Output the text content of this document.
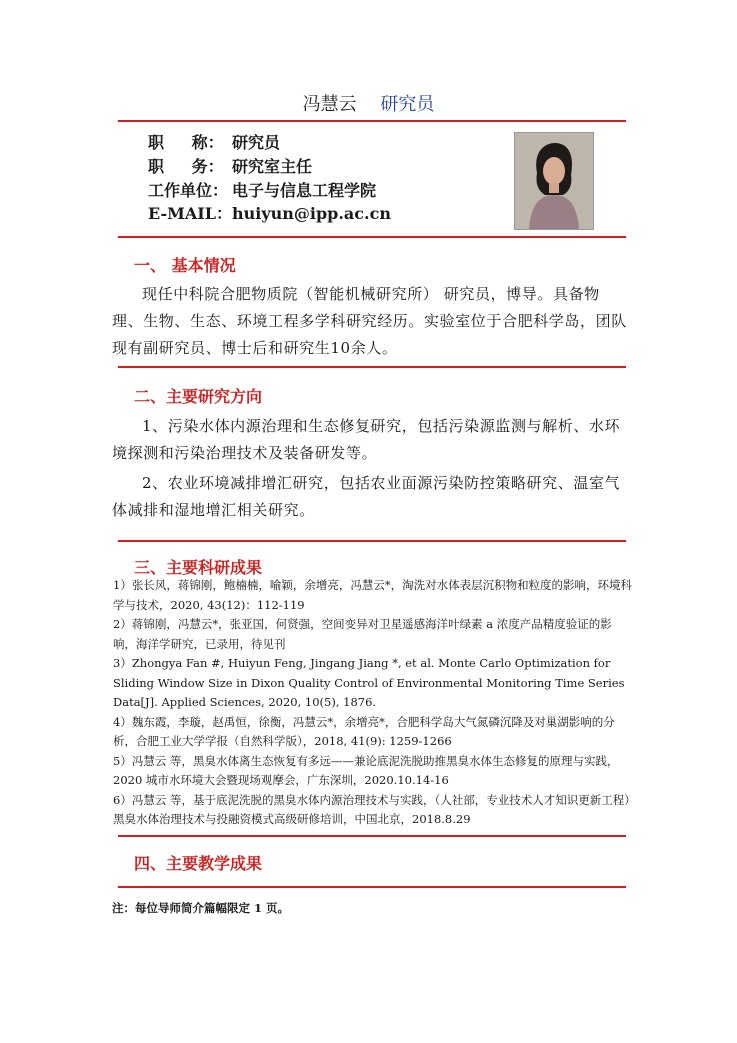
冯慧云 研究员
职 称： 研究员
职 务： 研究室主任
工作单位： 电子与信息工程学院
E-MAIL：huiyun@ipp.ac.cn
一、 基本情况
现任中科院合肥物质院（智能机械研究所） 研究员，博导。具备物理、生物、生态、环境工程多学科研究经历。实验室位于合肥科学岛，团队现有副研究员、博士后和研究生10余人。
二、主要研究方向
1、污染水体内源治理和生态修复研究，包括污染源监测与解析、水环境探测和污染治理技术及装备研发等。
2、农业环境减排增汇研究，包括农业面源污染防控策略研究、温室气体减排和湿地增汇相关研究。
三、主要科研成果
1）张长风，蒋锦刚，鲍楠楠，喻颖，余增亮，冯慧云*，淘洗对水体表层沉积物和粒度的影响，环境科学与技术，2020, 43(12)：112-119
2）蒋锦刚，冯慧云*，张亚国，何贤强，空间变异对卫星遥感海洋叶绿素 a 浓度产品精度验证的影响，海洋学研究，已录用，待见刊
3）Zhongya Fan #, Huiyun Feng, Jingang Jiang *, et al. Monte Carlo Optimization for Sliding Window Size in Dixon Quality Control of Environmental Monitoring Time Series Data[J]. Applied Sciences, 2020, 10(5), 1876.
4）魏东霞，李璇，赵禹恒，徐衡，冯慧云*，余增亮*，合肥科学岛大气氮磷沉降及对巢湖影响的分析，合肥工业大学学报（自然科学版），2018, 41(9): 1259-1266
5）冯慧云 等，黑臭水体离生态恢复有多远——兼论底泥洗脱助推黑臭水体生态修复的原理与实践，2020 城市水环境大会暨现场观摩会，广东深圳，2020.10.14-16
6）冯慧云 等，基于底泥洗脱的黑臭水体内源治理技术与实践，（人社部，专业技术人才知识更新工程）黑臭水体治理技术与投融资模式高级研修培训，中国北京，2018.8.29
四、主要教学成果
注：每位导师简介篇幅限定 1 页。
